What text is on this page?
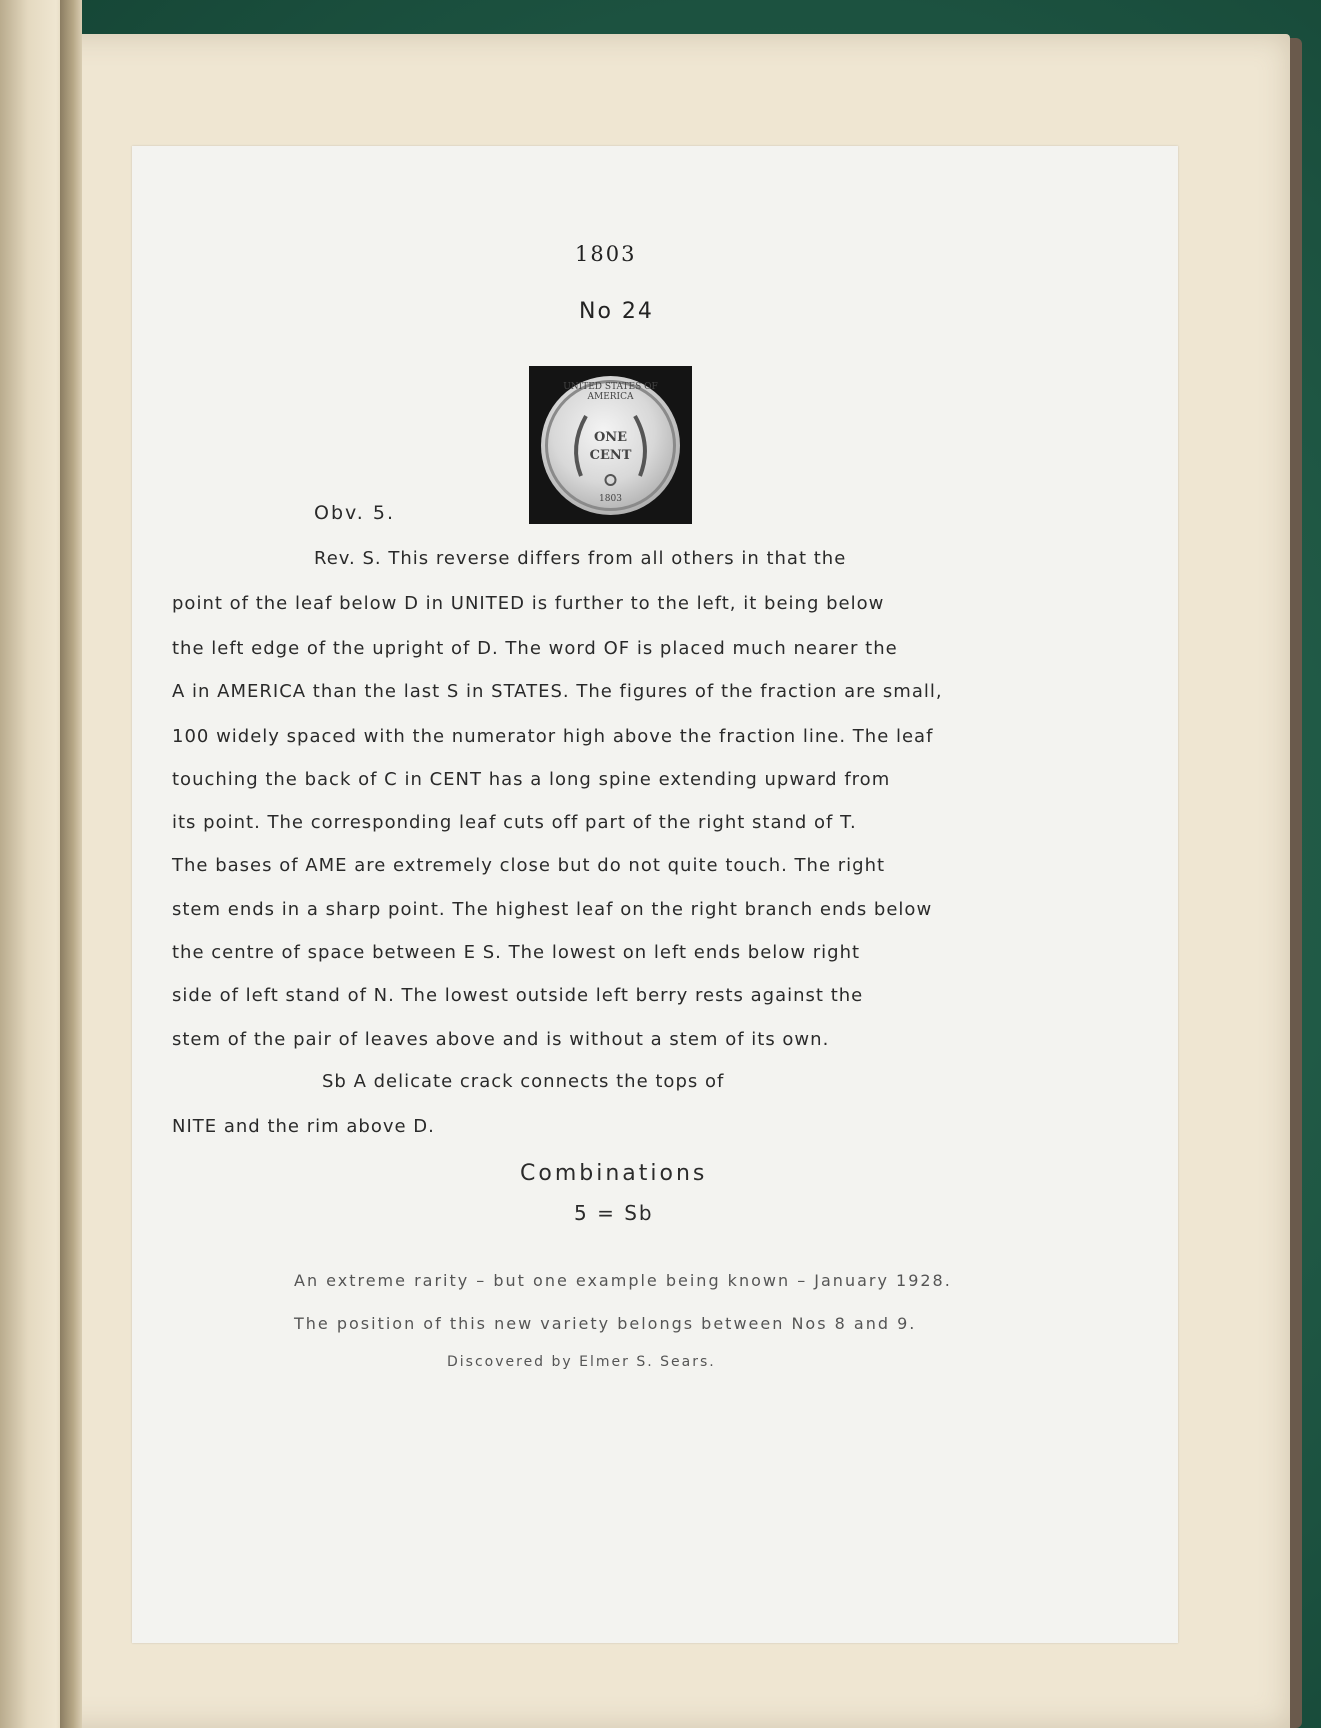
1803
No 24
UNITED STATES OF AMERICA
ONE
CENT
1803
Obv. 5.
Rev. S. This reverse differs from all others in that the
point of the leaf below D in UNITED is further to the left, it being below
the left edge of the upright of D. The word OF is placed much nearer the
A in AMERICA than the last S in STATES. The figures of the fraction are small,
100 widely spaced with the numerator high above the fraction line. The leaf
touching the back of C in CENT has a long spine extending upward from
its point. The corresponding leaf cuts off part of the right stand of T.
The bases of AME are extremely close but do not quite touch. The right
stem ends in a sharp point. The highest leaf on the right branch ends below
the centre of space between E S. The lowest on left ends below right
side of left stand of N. The lowest outside left berry rests against the
stem of the pair of leaves above and is without a stem of its own.
Sb A delicate crack connects the tops of
NITE and the rim above D.
Combinations
5 = Sb
An extreme rarity – but one example being known – January 1928.
The position of this new variety belongs between Nos 8 and 9.
Discovered by Elmer S. Sears.
